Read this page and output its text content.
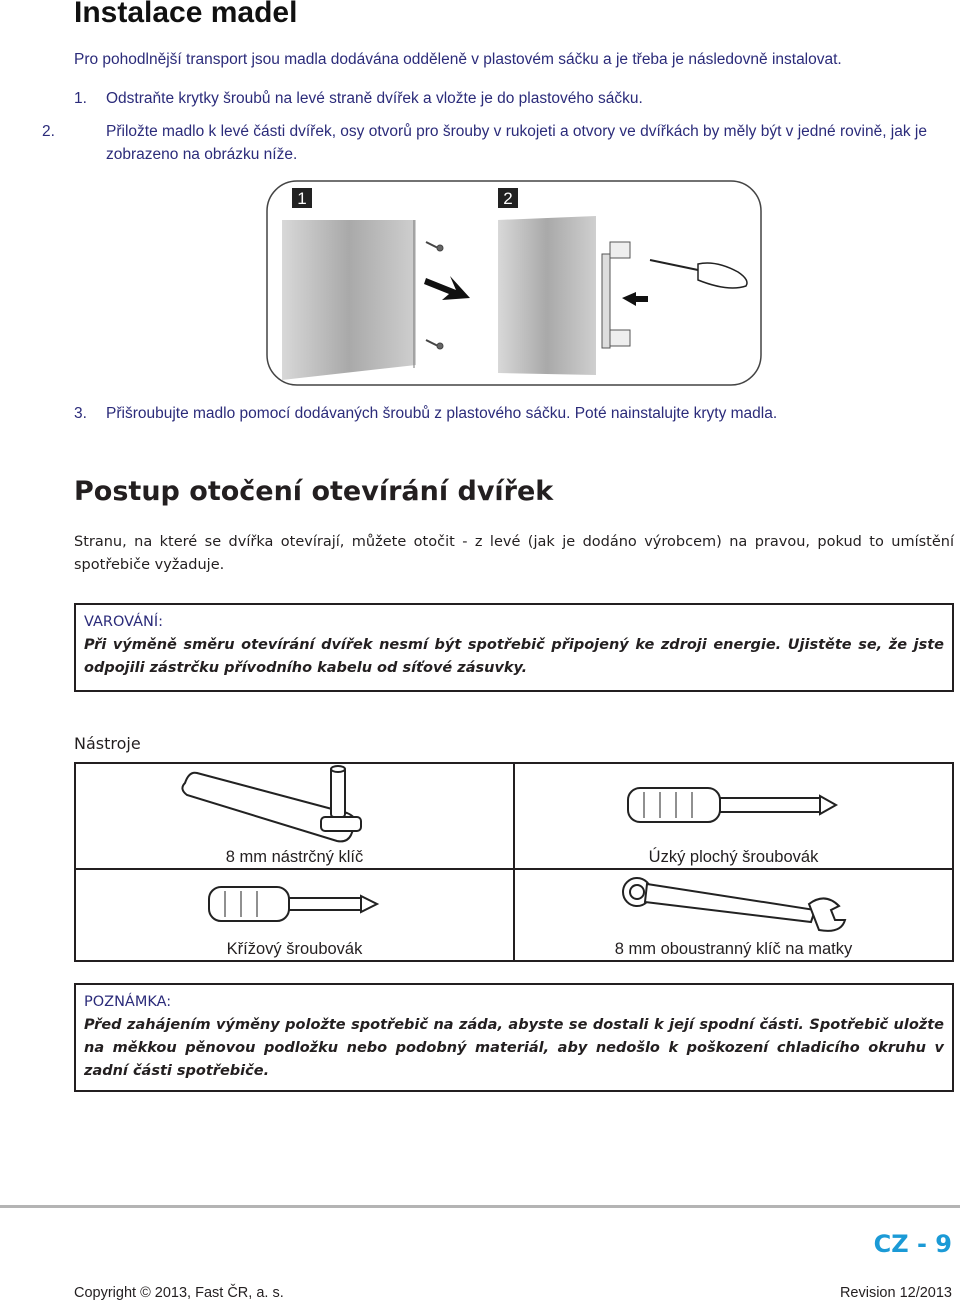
Instalace madel
Pro pohodlnější transport jsou madla dodávána odděleně v plastovém sáčku a je třeba je následovně instalovat.
1. Odstraňte krytky šroubů na levé straně dvířek a vložte je do plastového sáčku.
2.	Přiložte madlo k levé části dvířek, osy otvorů pro šrouby v rukojeti a otvory ve dvířkách by měly být v jedné rovině, jak je zobrazeno na obrázku níže.
1	2
3. Přišroubujte madlo pomocí dodávaných šroubů z plastového sáčku. Poté nainstalujte kryty madla.
Postup otočení otevírání dvířek
Stranu, na které se dvířka otevírají, můžete otočit - z levé (jak je dodáno výrobcem) na pravou, pokud to umístění spotřebiče vyžaduje.
VAROVÁNÍ:
Při výměně směru otevírání dvířek nesmí být spotřebič připojený ke zdroji energie. Ujistěte se, že jste odpojili zástrčku přívodního kabelu od síťové zásuvky.
Nástroje
8 mm nástrčný klíč	Úzký plochý šroubovák

Křížový šroubovák	8 mm oboustranný klíč na matky
POZNÁMKA:
Před zahájením výměny položte spotřebič na záda, abyste se dostali k její spodní části. Spotřebič uložte na měkkou pěnovou podložku nebo podobný materiál, aby nedošlo k poškození chladicího okruhu v zadní části spotřebiče.
CZ - 9
Copyright © 2013, Fast ČR, a. s.	Revision 12/2013
